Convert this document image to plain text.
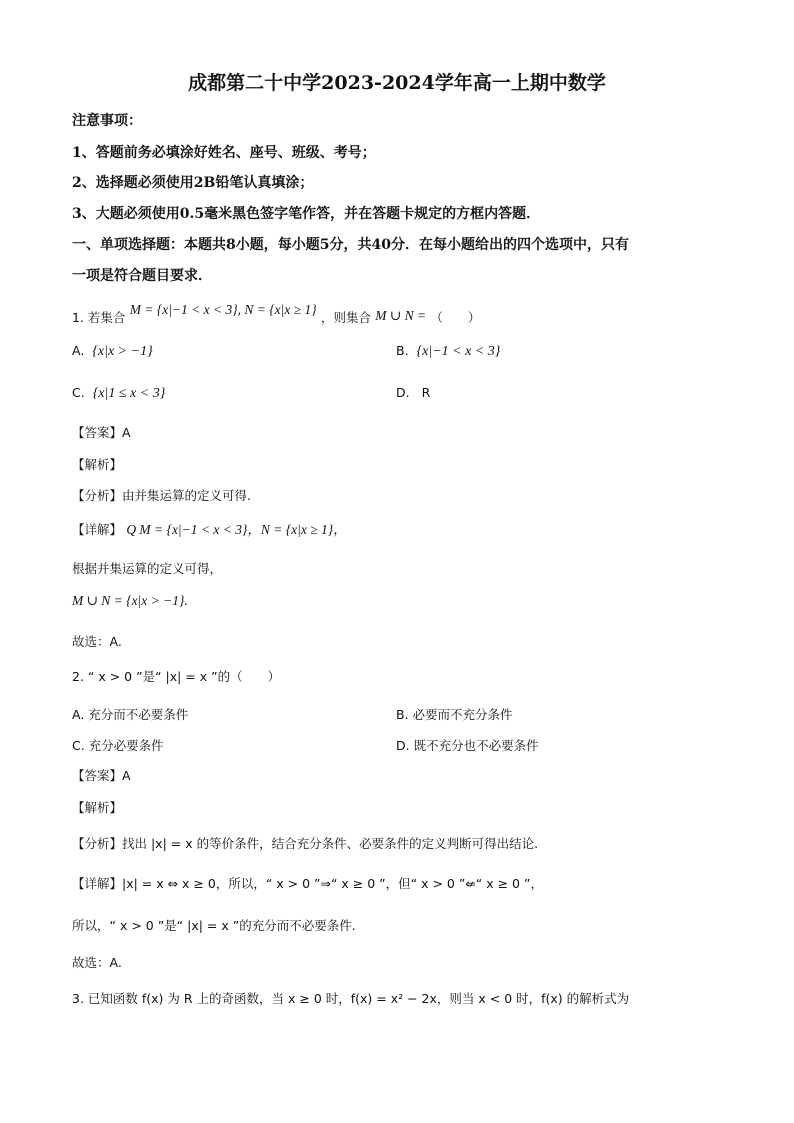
成都第二十中学2023-2024学年高一上期中数学
注意事项：
1、答题前务必填涂好姓名、座号、班级、考号；
2、选择题必须使用2B铅笔认真填涂；
3、大题必须使用0.5毫米黑色签字笔作答，并在答题卡规定的方框内答题．
一、单项选择题：本题共8小题，每小题5分，共40分．在每小题给出的四个选项中，只有
一项是符合题目要求．
1. 若集合 M = {x|−1 < x < 3}, N = {x|x ≥ 1} ，则集合 M ∪ N = （　　）
A. {x|x > −1}	B. {x|−1 < x < 3}
C. {x|1 ≤ x < 3}	D. R
【答案】A
【解析】
【分析】由并集运算的定义可得.
【详解】 Q M = {x|−1 < x < 3}，N = {x|x ≥ 1}，
根据并集运算的定义可得，
M ∪ N = {x|x > −1}.
故选：A.
2. “ x > 0 ”是“ |x| = x ”的（　　）
A. 充分而不必要条件	B. 必要而不充分条件
C. 充分必要条件	D. 既不充分也不必要条件
【答案】A
【解析】
【分析】找出 |x| = x 的等价条件，结合充分条件、必要条件的定义判断可得出结论.
【详解】|x| = x ⇔ x ≥ 0，所以，“ x > 0 ”⇒“ x ≥ 0 ”，但“ x > 0 ”⇍“ x ≥ 0 ”，
所以，“ x > 0 ”是“ |x| = x ”的充分而不必要条件.
故选：A.
3. 已知函数 f(x) 为 R 上的奇函数，当 x ≥ 0 时，f(x) = x² − 2x，则当 x < 0 时，f(x) 的解析式为
